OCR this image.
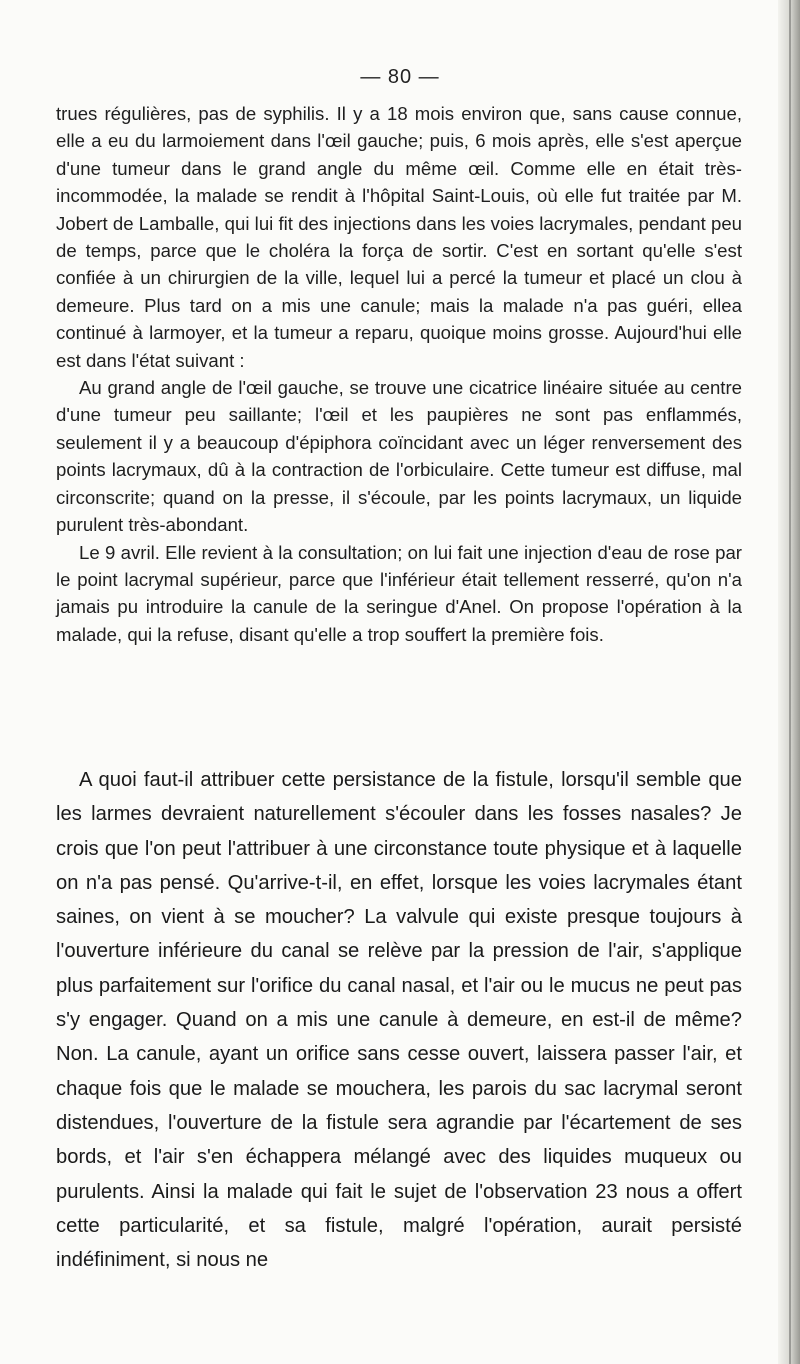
— 80 —

trues régulières, pas de syphilis. Il y a 18 mois environ que, sans cause connue, elle a eu du larmoiement dans l'œil gauche; puis, 6 mois après, elle s'est aperçue d'une tumeur dans le grand angle du même œil. Comme elle en était très-incommodée, la malade se rendit à l'hôpital Saint-Louis, où elle fut traitée par M. Jobert de Lamballe, qui lui fit des injections dans les voies lacrymales, pendant peu de temps, parce que le choléra la força de sortir. C'est en sortant qu'elle s'est confiée à un chirurgien de la ville, lequel lui a percé la tumeur et placé un clou à demeure. Plus tard on a mis une canule; mais la malade n'a pas guéri, ellea continué à larmoyer, et la tumeur a reparu, quoique moins grosse. Aujourd'hui elle est dans l'état suivant :

Au grand angle de l'œil gauche, se trouve une cicatrice linéaire située au centre d'une tumeur peu saillante; l'œil et les paupières ne sont pas enflammés, seulement il y a beaucoup d'épiphora coïncidant avec un léger renversement des points lacrymaux, dû à la contraction de l'orbiculaire. Cette tumeur est diffuse, mal circonscrite; quand on la presse, il s'écoule, par les points lacrymaux, un liquide purulent très-abondant.

Le 9 avril. Elle revient à la consultation; on lui fait une injection d'eau de rose par le point lacrymal supérieur, parce que l'inférieur était tellement resserré, qu'on n'a jamais pu introduire la canule de la seringue d'Anel. On propose l'opération à la malade, qui la refuse, disant qu'elle a trop souffert la première fois.

A quoi faut-il attribuer cette persistance de la fistule, lorsqu'il semble que les larmes devraient naturellement s'écouler dans les fosses nasales? Je crois que l'on peut l'attribuer à une circonstance toute physique et à laquelle on n'a pas pensé. Qu'arrive-t-il, en effet, lorsque les voies lacrymales étant saines, on vient à se moucher? La valvule qui existe presque toujours à l'ouverture inférieure du canal se relève par la pression de l'air, s'applique plus parfaitement sur l'orifice du canal nasal, et l'air ou le mucus ne peut pas s'y engager. Quand on a mis une canule à demeure, en est-il de même? Non. La canule, ayant un orifice sans cesse ouvert, laissera passer l'air, et chaque fois que le malade se mouchera, les parois du sac lacrymal seront distendues, l'ouverture de la fistule sera agrandie par l'écartement de ses bords, et l'air s'en échappera mélangé avec des liquides muqueux ou purulents. Ainsi la malade qui fait le sujet de l'observation 23 nous a offert cette particularité, et sa fistule, malgré l'opération, aurait persisté indéfiniment, si nous ne
